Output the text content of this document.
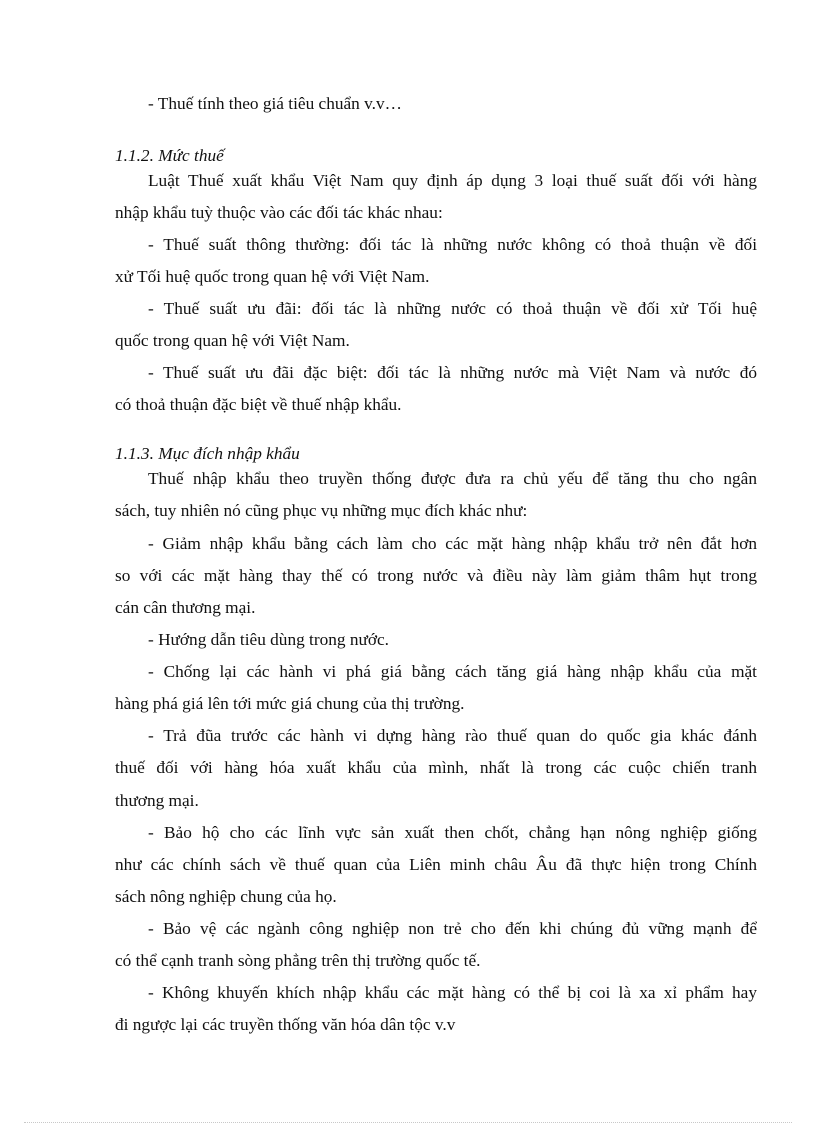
- Thuế tính theo giá tiêu chuẩn v.v…
1.1.2. Mức thuế
Luật Thuế xuất khẩu Việt Nam quy định áp dụng 3 loại thuế suất đối với hàng
nhập khẩu tuỳ thuộc vào các đối tác khác nhau:
- Thuế suất thông thường: đối tác là những nước không có thoả thuận về đối
xử Tối huệ quốc trong quan hệ với Việt Nam.
- Thuế suất ưu đãi: đối tác là những nước có thoả thuận về đối xử Tối huệ
quốc trong quan hệ với Việt Nam.
- Thuế suất ưu đãi đặc biệt: đối tác là những nước mà Việt Nam và nước đó
có thoả thuận đặc biệt về thuế nhập khẩu.
1.1.3. Mục đích nhập khẩu
Thuế nhập khẩu theo truyền thống được đưa ra chủ yếu để tăng thu cho ngân
sách, tuy nhiên nó cũng phục vụ những mục đích khác như:
- Giảm nhập khẩu bằng cách làm cho các mặt hàng nhập khẩu trở nên đắt hơn
so với các mặt hàng thay thế có trong nước và điều này làm giảm thâm hụt trong
cán cân thương mại.
- Hướng dẫn tiêu dùng trong nước.
- Chống lại các hành vi phá giá bằng cách tăng giá hàng nhập khẩu của mặt
hàng phá giá lên tới mức giá chung của thị trường.
- Trả đũa trước các hành vi dựng hàng rào thuế quan do quốc gia khác đánh
thuế đối với hàng hóa xuất khẩu của mình, nhất là trong các cuộc chiến tranh
thương mại.
- Bảo hộ cho các lĩnh vực sản xuất then chốt, chẳng hạn nông nghiệp giống
như các chính sách về thuế quan của Liên minh châu Âu đã thực hiện trong Chính
sách nông nghiệp chung của họ.
- Bảo vệ các ngành công nghiệp non trẻ cho đến khi chúng đủ vững mạnh để
có thể cạnh tranh sòng phẳng trên thị trường quốc tế.
- Không khuyến khích nhập khẩu các mặt hàng có thể bị coi là xa xỉ phẩm hay
đi ngược lại các truyền thống văn hóa dân tộc v.v
